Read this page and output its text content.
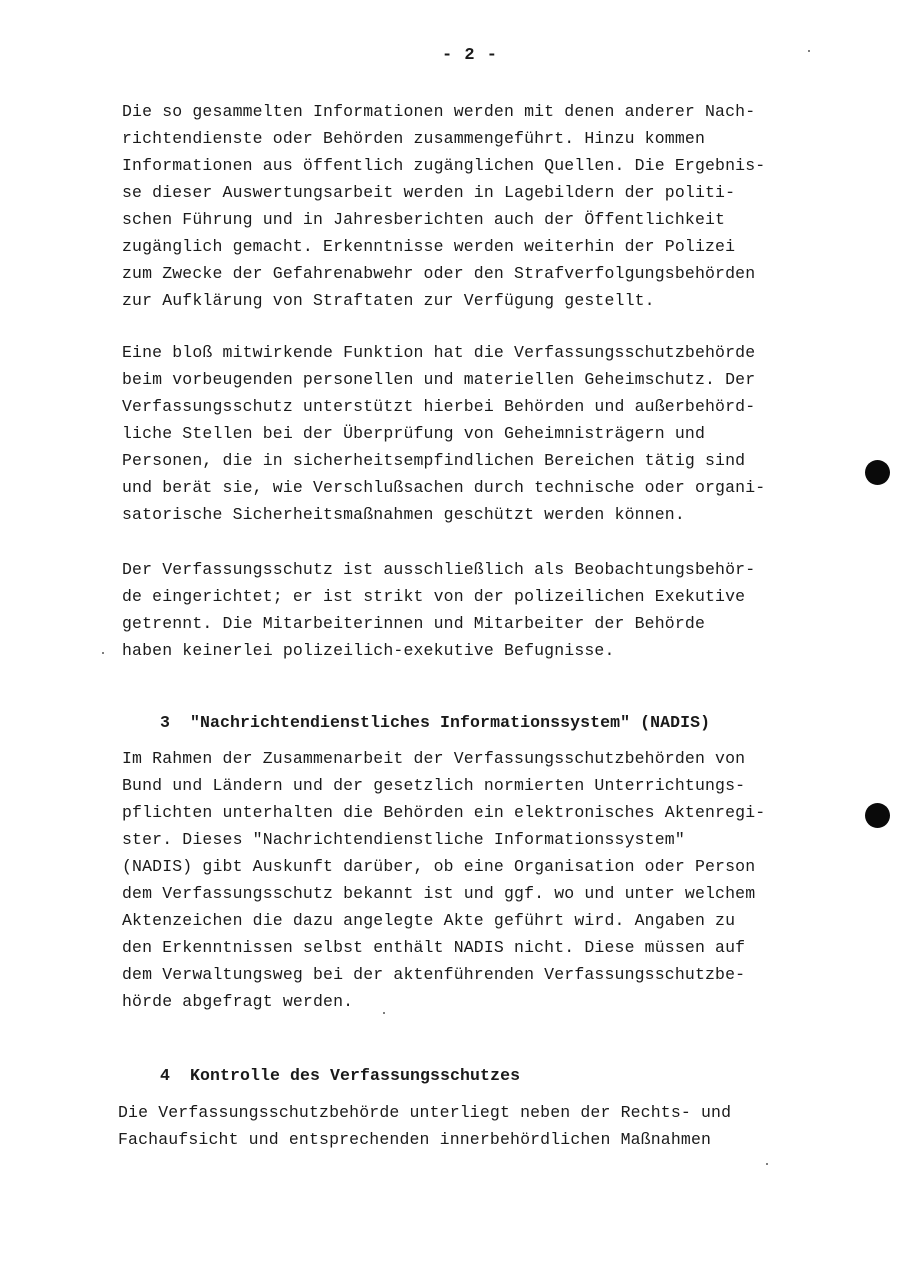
- 2 -
Die so gesammelten Informationen werden mit denen anderer Nach-
richtendienste oder Behörden zusammengeführt. Hinzu kommen
Informationen aus öffentlich zugänglichen Quellen. Die Ergebnis-
se dieser Auswertungsarbeit werden in Lagebildern der politi-
schen Führung und in Jahresberichten auch der Öffentlichkeit
zugänglich gemacht. Erkenntnisse werden weiterhin der Polizei
zum Zwecke der Gefahrenabwehr oder den Strafverfolgungsbehörden
zur Aufklärung von Straftaten zur Verfügung gestellt.
Eine bloß mitwirkende Funktion hat die Verfassungsschutzbehörde
beim vorbeugenden personellen und materiellen Geheimschutz. Der
Verfassungsschutz unterstützt hierbei Behörden und außerbehörd-
liche Stellen bei der Überprüfung von Geheimnisträgern und
Personen, die in sicherheitsempfindlichen Bereichen tätig sind
und berät sie, wie Verschlußsachen durch technische oder organi-
satorische Sicherheitsmaßnahmen geschützt werden können.
Der Verfassungsschutz ist ausschließlich als Beobachtungsbehör-
de eingerichtet; er ist strikt von der polizeilichen Exekutive
getrennt. Die Mitarbeiterinnen und Mitarbeiter der Behörde
haben keinerlei polizeilich-exekutive Befugnisse.

3 "Nachrichtendienstliches Informationssystem" (NADIS)

Im Rahmen der Zusammenarbeit der Verfassungsschutzbehörden von
Bund und Ländern und der gesetzlich normierten Unterrichtungs-
pflichten unterhalten die Behörden ein elektronisches Aktenregi-
ster. Dieses "Nachrichtendienstliche Informationssystem"
(NADIS) gibt Auskunft darüber, ob eine Organisation oder Person
dem Verfassungsschutz bekannt ist und ggf. wo und unter welchem
Aktenzeichen die dazu angelegte Akte geführt wird. Angaben zu
den Erkenntnissen selbst enthält NADIS nicht. Diese müssen auf
dem Verwaltungsweg bei der aktenführenden Verfassungsschutzbe-
hörde abgefragt werden.

4 Kontrolle des Verfassungsschutzes

Die Verfassungsschutzbehörde unterliegt neben der Rechts- und
Fachaufsicht und entsprechenden innerbehördlichen Maßnahmen
